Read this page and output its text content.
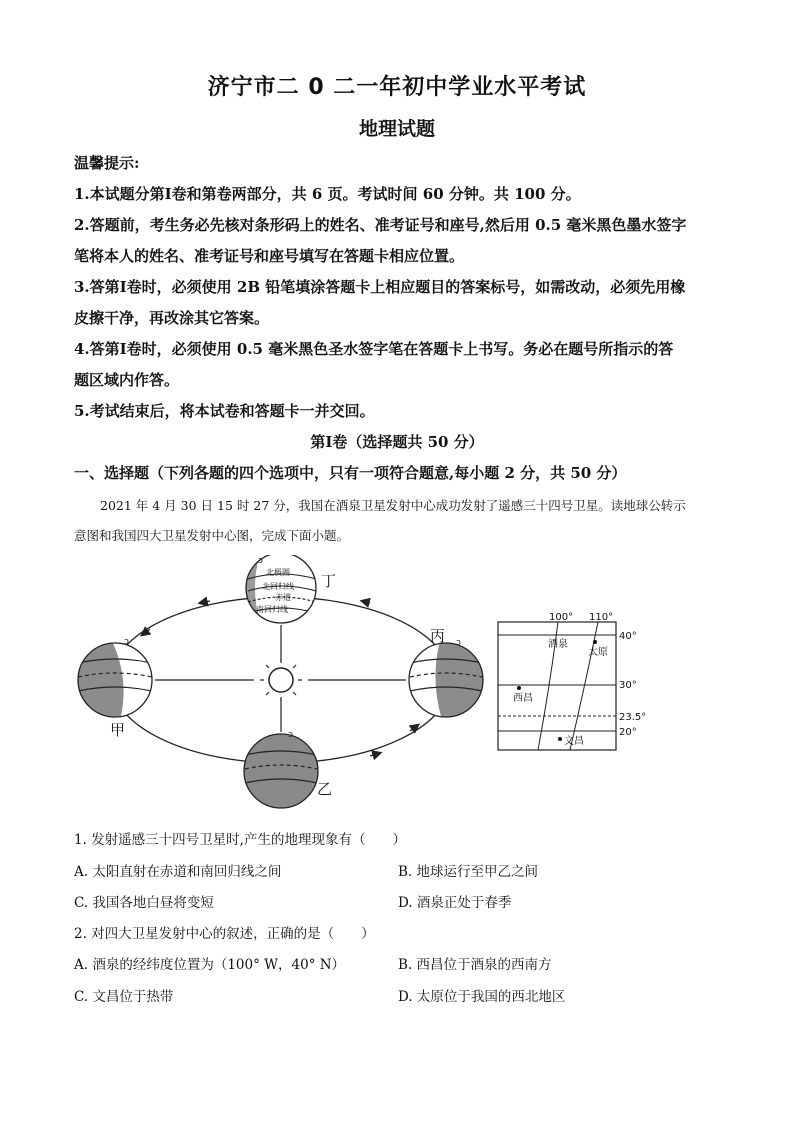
济宁市二 0 二一年初中学业水平考试
地理试题
温馨提示:
1.本试题分第Ⅰ卷和第卷两部分，共 6 页。考试时间 60 分钟。共 100 分。
2.答题前，考生务必先核对条形码上的姓名、准考证号和座号,然后用 0.5 毫米黑色墨水签字
笔将本人的姓名、准考证号和座号填写在答题卡相应位置。
3.答第Ⅰ卷时，必须使用 2B 铅笔填涂答题卡上相应题目的答案标号，如需改动，必须先用橡
皮擦干净，再改涂其它答案。
4.答第Ⅰ卷时，必须使用 0.5 毫米黑色圣水签字笔在答题卡上书写。务必在题号所指示的答
题区域内作答。
5.考试结束后，将本试卷和答题卡一并交回。
第Ⅰ卷（选择题共 50 分）
一、选择题（下列各题的四个选项中，只有一项符合题意,每小题 2 分，共 50 分）
2021 年 4 月 30 日 15 时 27 分，我国在酒泉卫星发射中心成功发射了遥感三十四号卫星。读地球公转示
意图和我国四大卫星发射中心图，完成下面小题。
ↄ
ↄ
ↄ
北极圈
北回归线
赤道
南回归线
ↄ
甲
乙
丙
丁
酒泉
太原
西昌
文昌
100° 110°
40°
30°
23.5°
20°
1. 发射遥感三十四号卫星时,产生的地理现象有（　　）
A. 太阳直射在赤道和南回归线之间	B. 地球运行至甲乙之间
C. 我国各地白昼将变短	D. 酒泉正处于春季
2. 对四大卫星发射中心的叙述，正确的是（　　）
A. 酒泉的经纬度位置为（100° W，40° N）	B. 西昌位于酒泉的西南方
C. 文昌位于热带	D. 太原位于我国的西北地区
